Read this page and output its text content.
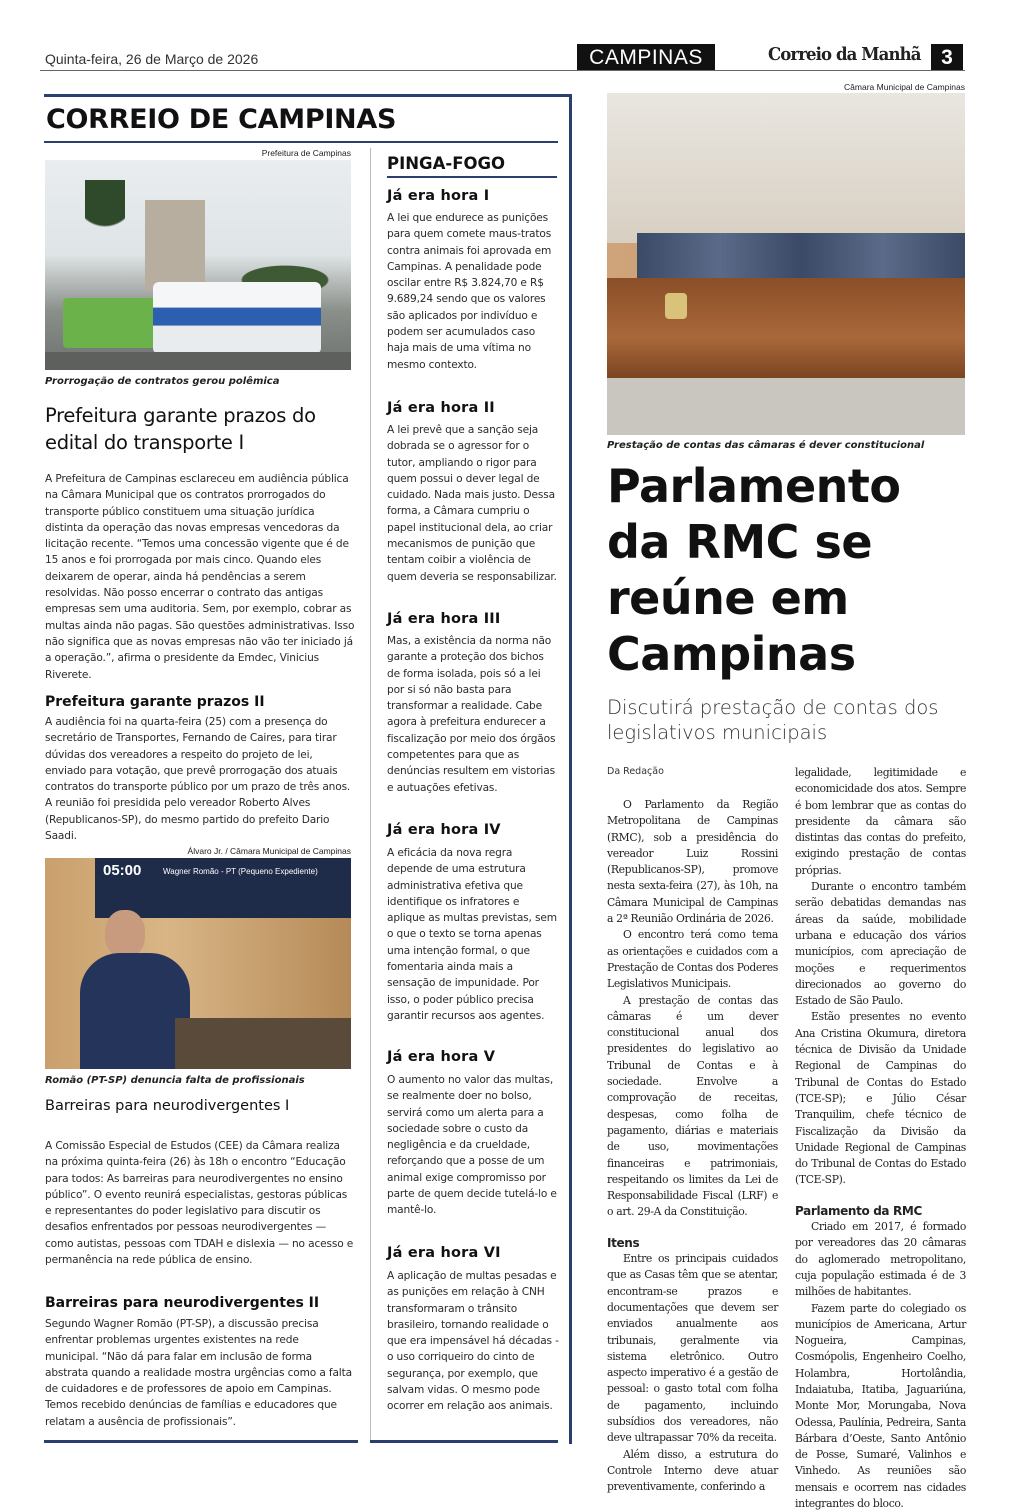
Quinta-feira, 26 de Março de 2026	CAMPINAS	Correio da Manhã 3
CORREIO DE CAMPINAS
Prefeitura de Campinas
Prorrogação de contratos gerou polêmica
Prefeitura garante prazos do edital do transporte I
A Prefeitura de Campinas esclareceu em audiência pública na Câmara Municipal que os contratos prorrogados do transporte público constituem uma situação jurídica distinta da operação das novas empresas vencedoras da licitação recente. “Temos uma concessão vigente que é de 15 anos e foi prorrogada por mais cinco. Quando eles deixarem de operar, ainda há pendências a serem resolvidas. Não posso encerrar o contrato das antigas empresas sem uma auditoria. Sem, por exemplo, cobrar as multas ainda não pagas. São questões administrativas. Isso não significa que as novas empresas não vão ter iniciado já a operação.”, afirma o presidente da Emdec, Vinicius Riverete.
Prefeitura garante prazos II
A audiência foi na quarta-feira (25) com a presença do secretário de Transportes, Fernando de Caires, para tirar dúvidas dos vereadores a respeito do projeto de lei, enviado para votação, que prevê prorrogação dos atuais contratos do transporte público por um prazo de três anos. A reunião foi presidida pelo vereador Roberto Alves (Republicanos-SP), do mesmo partido do prefeito Dario Saadi.
Álvaro Jr. / Câmara Municipal de Campinas
05:00	Wagner Romão - PT (Pequeno Expediente)
Romão (PT-SP) denuncia falta de profissionais
Barreiras para neurodivergentes I
A Comissão Especial de Estudos (CEE) da Câmara realiza na próxima quinta-feira (26) às 18h o encontro “Educação para todos: As barreiras para neurodivergentes no ensino público”. O evento reunirá especialistas, gestoras públicas e representantes do poder legislativo para discutir os desafios enfrentados por pessoas neurodivergentes — como autistas, pessoas com TDAH e dislexia — no acesso e permanência na rede pública de ensino.
Barreiras para neurodivergentes II
Segundo Wagner Romão (PT-SP), a discussão precisa enfrentar problemas urgentes existentes na rede municipal. “Não dá para falar em inclusão de forma abstrata quando a realidade mostra urgências como a falta de cuidadores e de professores de apoio em Campinas. Temos recebido denúncias de famílias e educadores que relatam a ausência de profissionais”.
PINGA-FOGO
Já era hora I
A lei que endurece as punições para quem comete maus-tratos contra animais foi aprovada em Campinas. A penalidade pode oscilar entre R$ 3.824,70 e R$ 9.689,24 sendo que os valores são aplicados por indivíduo e podem ser acumulados caso haja mais de uma vítima no mesmo contexto.
Já era hora II
A lei prevê que a sanção seja dobrada se o agressor for o tutor, ampliando o rigor para quem possui o dever legal de cuidado. Nada mais justo. Dessa forma, a Câmara cumpriu o papel institucional dela, ao criar mecanismos de punição que tentam coibir a violência de quem deveria se responsabilizar.
Já era hora III
Mas, a existência da norma não garante a proteção dos bichos de forma isolada, pois só a lei por si só não basta para transformar a realidade. Cabe agora à prefeitura endurecer a fiscalização por meio dos órgãos competentes para que as denúncias resultem em vistorias e autuações efetivas.
Já era hora IV
A eficácia da nova regra depende de uma estrutura administrativa efetiva que identifique os infratores e aplique as multas previstas, sem o que o texto se torna apenas uma intenção formal, o que fomentaria ainda mais a sensação de impunidade. Por isso, o poder público precisa garantir recursos aos agentes.
Já era hora V
O aumento no valor das multas, se realmente doer no bolso, servirá como um alerta para a sociedade sobre o custo da negligência e da crueldade, reforçando que a posse de um animal exige compromisso por parte de quem decide tutelá-lo e mantê-lo.
Já era hora VI
A aplicação de multas pesadas e as punições em relação à CNH transformaram o trânsito brasileiro, tornando realidade o que era impensável há décadas - o uso corriqueiro do cinto de segurança, por exemplo, que salvam vidas. O mesmo pode ocorrer em relação aos animais.
Câmara Municipal de Campinas
Prestação de contas das câmaras é dever constitucional
Parlamento da RMC se reúne em Campinas
Discutirá prestação de contas dos legislativos municipais
Da Redação

O Parlamento da Região Metropolitana de Campinas (RMC), sob a presidência do vereador Luiz Rossini (Republicanos-SP), promove nesta sexta-feira (27), às 10h, na Câmara Municipal de Campinas a 2ª Reunião Ordinária de 2026.

O encontro terá como tema as orientações e cuidados com a Prestação de Contas dos Poderes Legislativos Municipais.

A prestação de contas das câmaras é um dever constitucional anual dos presidentes do legislativo ao Tribunal de Contas e à sociedade. Envolve a comprovação de receitas, despesas, como folha de pagamento, diárias e materiais de uso, movimentações financeiras e patrimoniais, respeitando os limites da Lei de Responsabilidade Fiscal (LRF) e o art. 29-A da Constituição.

Itens

Entre os principais cuidados que as Casas têm que se atentar, encontram-se prazos e documentações que devem ser enviados anualmente aos tribunais, geralmente via sistema eletrônico. Outro aspecto imperativo é a gestão de pessoal: o gasto total com folha de pagamento, incluindo subsídios dos vereadores, não deve ultrapassar 70% da receita.

Além disso, a estrutura do Controle Interno deve atuar preventivamente, conferindo a

legalidade, legitimidade e economicidade dos atos. Sempre é bom lembrar que as contas do presidente da câmara são distintas das contas do prefeito, exigindo prestação de contas próprias.

Durante o encontro também serão debatidas demandas nas áreas da saúde, mobilidade urbana e educação dos vários municípios, com apreciação de moções e requerimentos direcionados ao governo do Estado de São Paulo.

Estão presentes no evento Ana Cristina Okumura, diretora técnica de Divisão da Unidade Regional de Campinas do Tribunal de Contas do Estado (TCE-SP); e Júlio César Tranquilim, chefe técnico de Fiscalização da Divisão da Unidade Regional de Campinas do Tribunal de Contas do Estado (TCE-SP).

Parlamento da RMC

Criado em 2017, é formado por vereadores das 20 câmaras do aglomerado metropolitano, cuja população estimada é de 3 milhões de habitantes.

Fazem parte do colegiado os municípios de Americana, Artur Nogueira, Campinas, Cosmópolis, Engenheiro Coelho, Holambra, Hortolândia, Indaiatuba, Itatiba, Jaguariúna, Monte Mor, Morungaba, Nova Odessa, Paulínia, Pedreira, Santa Bárbara d’Oeste, Santo Antônio de Posse, Sumaré, Valinhos e Vinhedo. As reuniões são mensais e ocorrem nas cidades integrantes do bloco.
